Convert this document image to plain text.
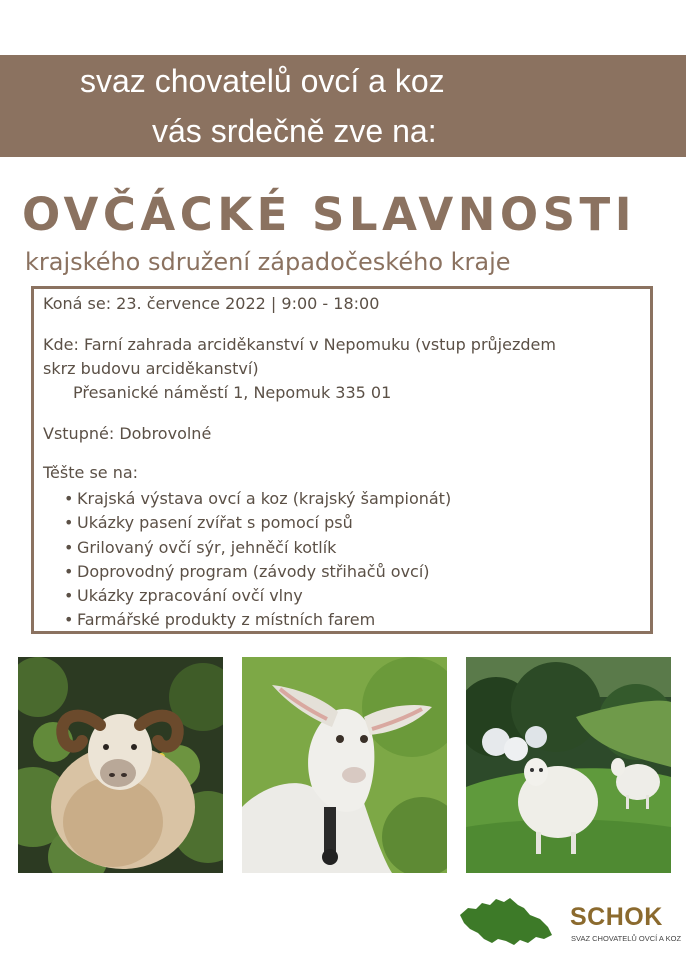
svaz chovatelů ovcí a koz
vás srdečně zve na:
OVČÁCKÉ SLAVNOSTI
krajského sdružení západočeského kraje
Koná se: 23. července 2022 | 9:00 - 18:00
Kde: Farní zahrada arciděkanství v Nepomuku (vstup průjezdem
skrz budovu arciděkanství)
Přesanické náměstí 1, Nepomuk 335 01
Vstupné: Dobrovolné
Těšte se na:
• Krajská výstava ovcí a koz (krajský šampionát)
• Ukázky pasení zvířat s pomocí psů
• Grilovaný ovčí sýr, jehněčí kotlík
• Doprovodný program (závody střihačů ovcí)
• Ukázky zpracování ovčí vlny
• Farmářské produkty z místních farem
SCHOK
SVAZ CHOVATELŮ OVCÍ A KOZ
